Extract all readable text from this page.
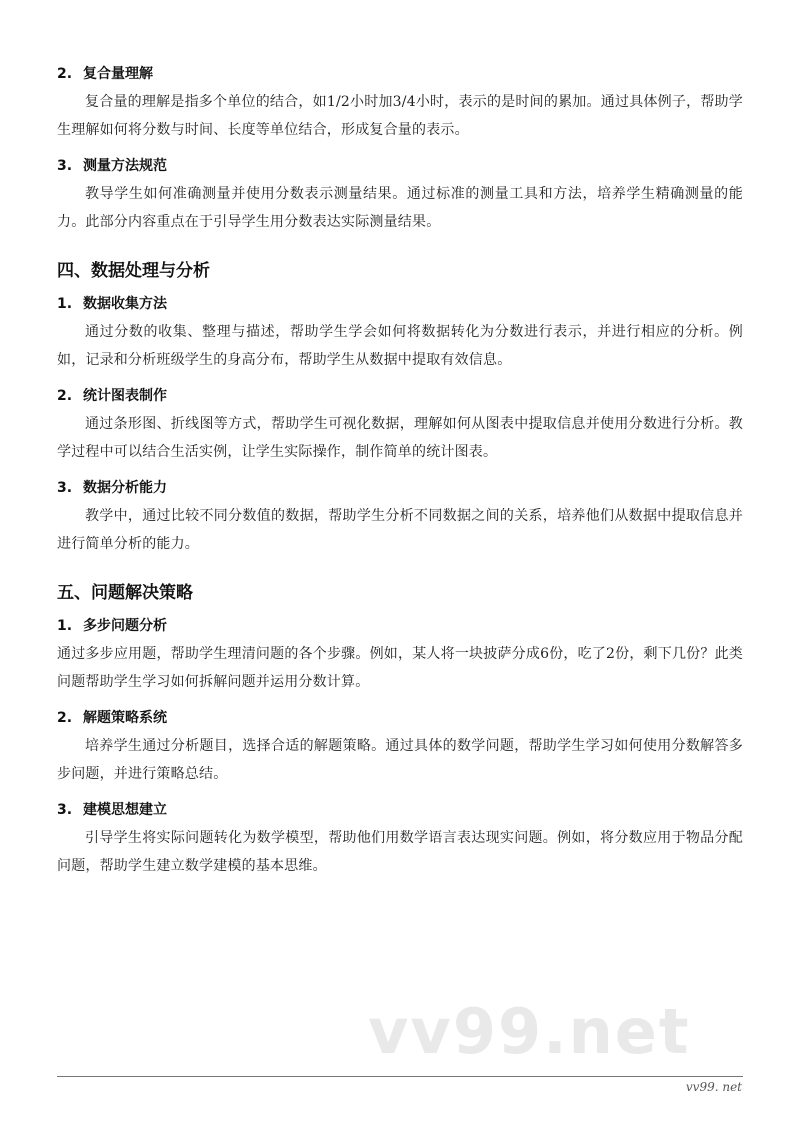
2. 复合量理解

复合量的理解是指多个单位的结合，如1/2小时加3/4小时，表示的是时间的累加。通过具体例子，帮助学生理解如何将分数与时间、长度等单位结合，形成复合量的表示。

3. 测量方法规范

教导学生如何准确测量并使用分数表示测量结果。通过标准的测量工具和方法，培养学生精确测量的能力。此部分内容重点在于引导学生用分数表达实际测量结果。

四、数据处理与分析
1. 数据收集方法

通过分数的收集、整理与描述，帮助学生学会如何将数据转化为分数进行表示，并进行相应的分析。例如，记录和分析班级学生的身高分布，帮助学生从数据中提取有效信息。

2. 统计图表制作

通过条形图、折线图等方式，帮助学生可视化数据，理解如何从图表中提取信息并使用分数进行分析。教学过程中可以结合生活实例，让学生实际操作，制作简单的统计图表。

3. 数据分析能力

教学中，通过比较不同分数值的数据，帮助学生分析不同数据之间的关系，培养他们从数据中提取信息并进行简单分析的能力。

五、问题解决策略
1. 多步问题分析

通过多步应用题，帮助学生理清问题的各个步骤。例如，某人将一块披萨分成6份，吃了2份，剩下几份？此类问题帮助学生学习如何拆解问题并运用分数计算。

2. 解题策略系统

培养学生通过分析题目，选择合适的解题策略。通过具体的数学问题，帮助学生学习如何使用分数解答多步问题，并进行策略总结。

3. 建模思想建立

引导学生将实际问题转化为数学模型，帮助他们用数学语言表达现实问题。例如，将分数应用于物品分配问题，帮助学生建立数学建模的基本思维。

vv99.net
vv99. net
